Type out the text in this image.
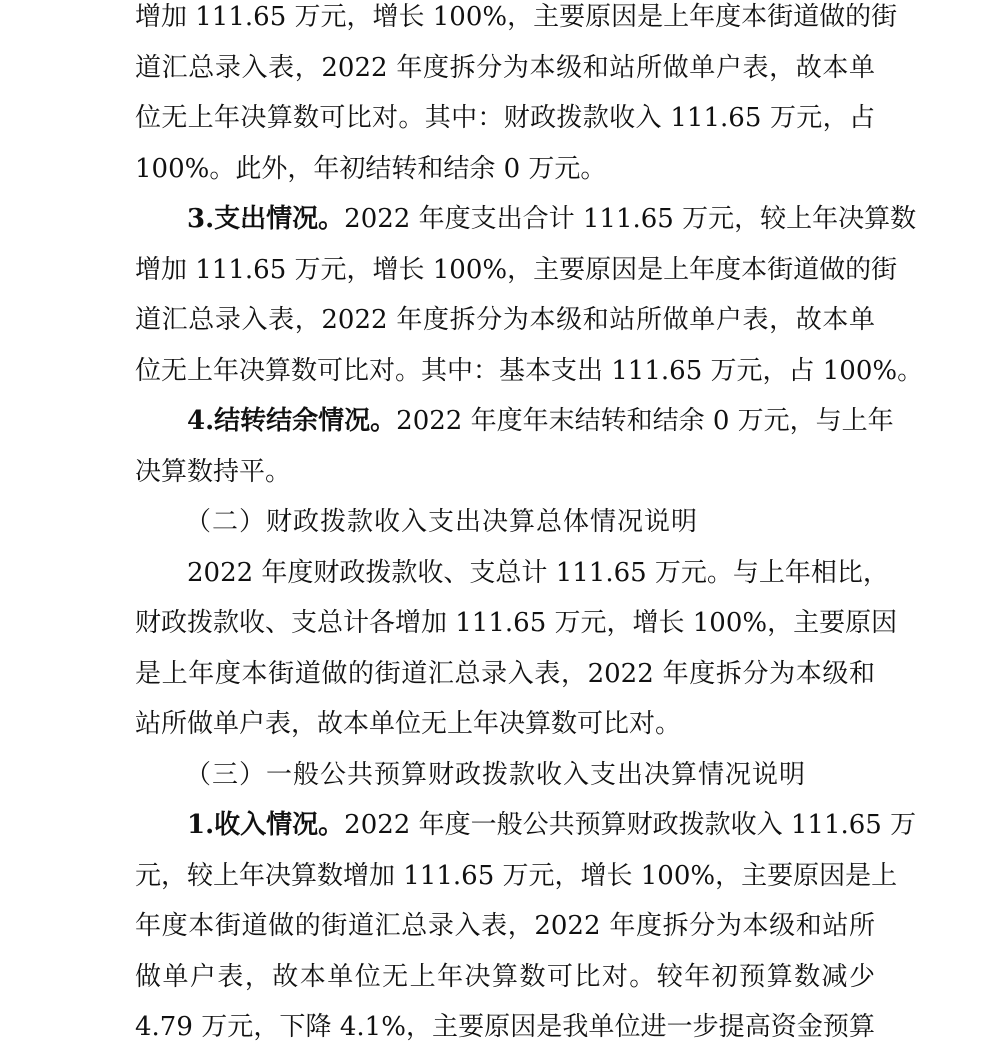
增加 111.65 万元，增长 100%，主要原因是上年度本街道做的街
道汇总录入表，2022 年度拆分为本级和站所做单户表，故本单
位无上年决算数可比对。其中：财政拨款收入 111.65 万元，占
100%。此外，年初结转和结余 0 万元。
3.支出情况。2022 年度支出合计 111.65 万元，较上年决算数
增加 111.65 万元，增长 100%，主要原因是上年度本街道做的街
道汇总录入表，2022 年度拆分为本级和站所做单户表，故本单
位无上年决算数可比对。其中：基本支出 111.65 万元，占 100%。
4.结转结余情况。2022 年度年末结转和结余 0 万元，与上年
决算数持平。
（二）财政拨款收入支出决算总体情况说明
2022 年度财政拨款收、支总计 111.65 万元。与上年相比，
财政拨款收、支总计各增加 111.65 万元，增长 100%，主要原因
是上年度本街道做的街道汇总录入表，2022 年度拆分为本级和
站所做单户表，故本单位无上年决算数可比对。
（三）一般公共预算财政拨款收入支出决算情况说明
1.收入情况。2022 年度一般公共预算财政拨款收入 111.65 万
元，较上年决算数增加 111.65 万元，增长 100%，主要原因是上
年度本街道做的街道汇总录入表，2022 年度拆分为本级和站所
做单户表，故本单位无上年决算数可比对。较年初预算数减少
4.79 万元，下降 4.1%，主要原因是我单位进一步提高资金预算
